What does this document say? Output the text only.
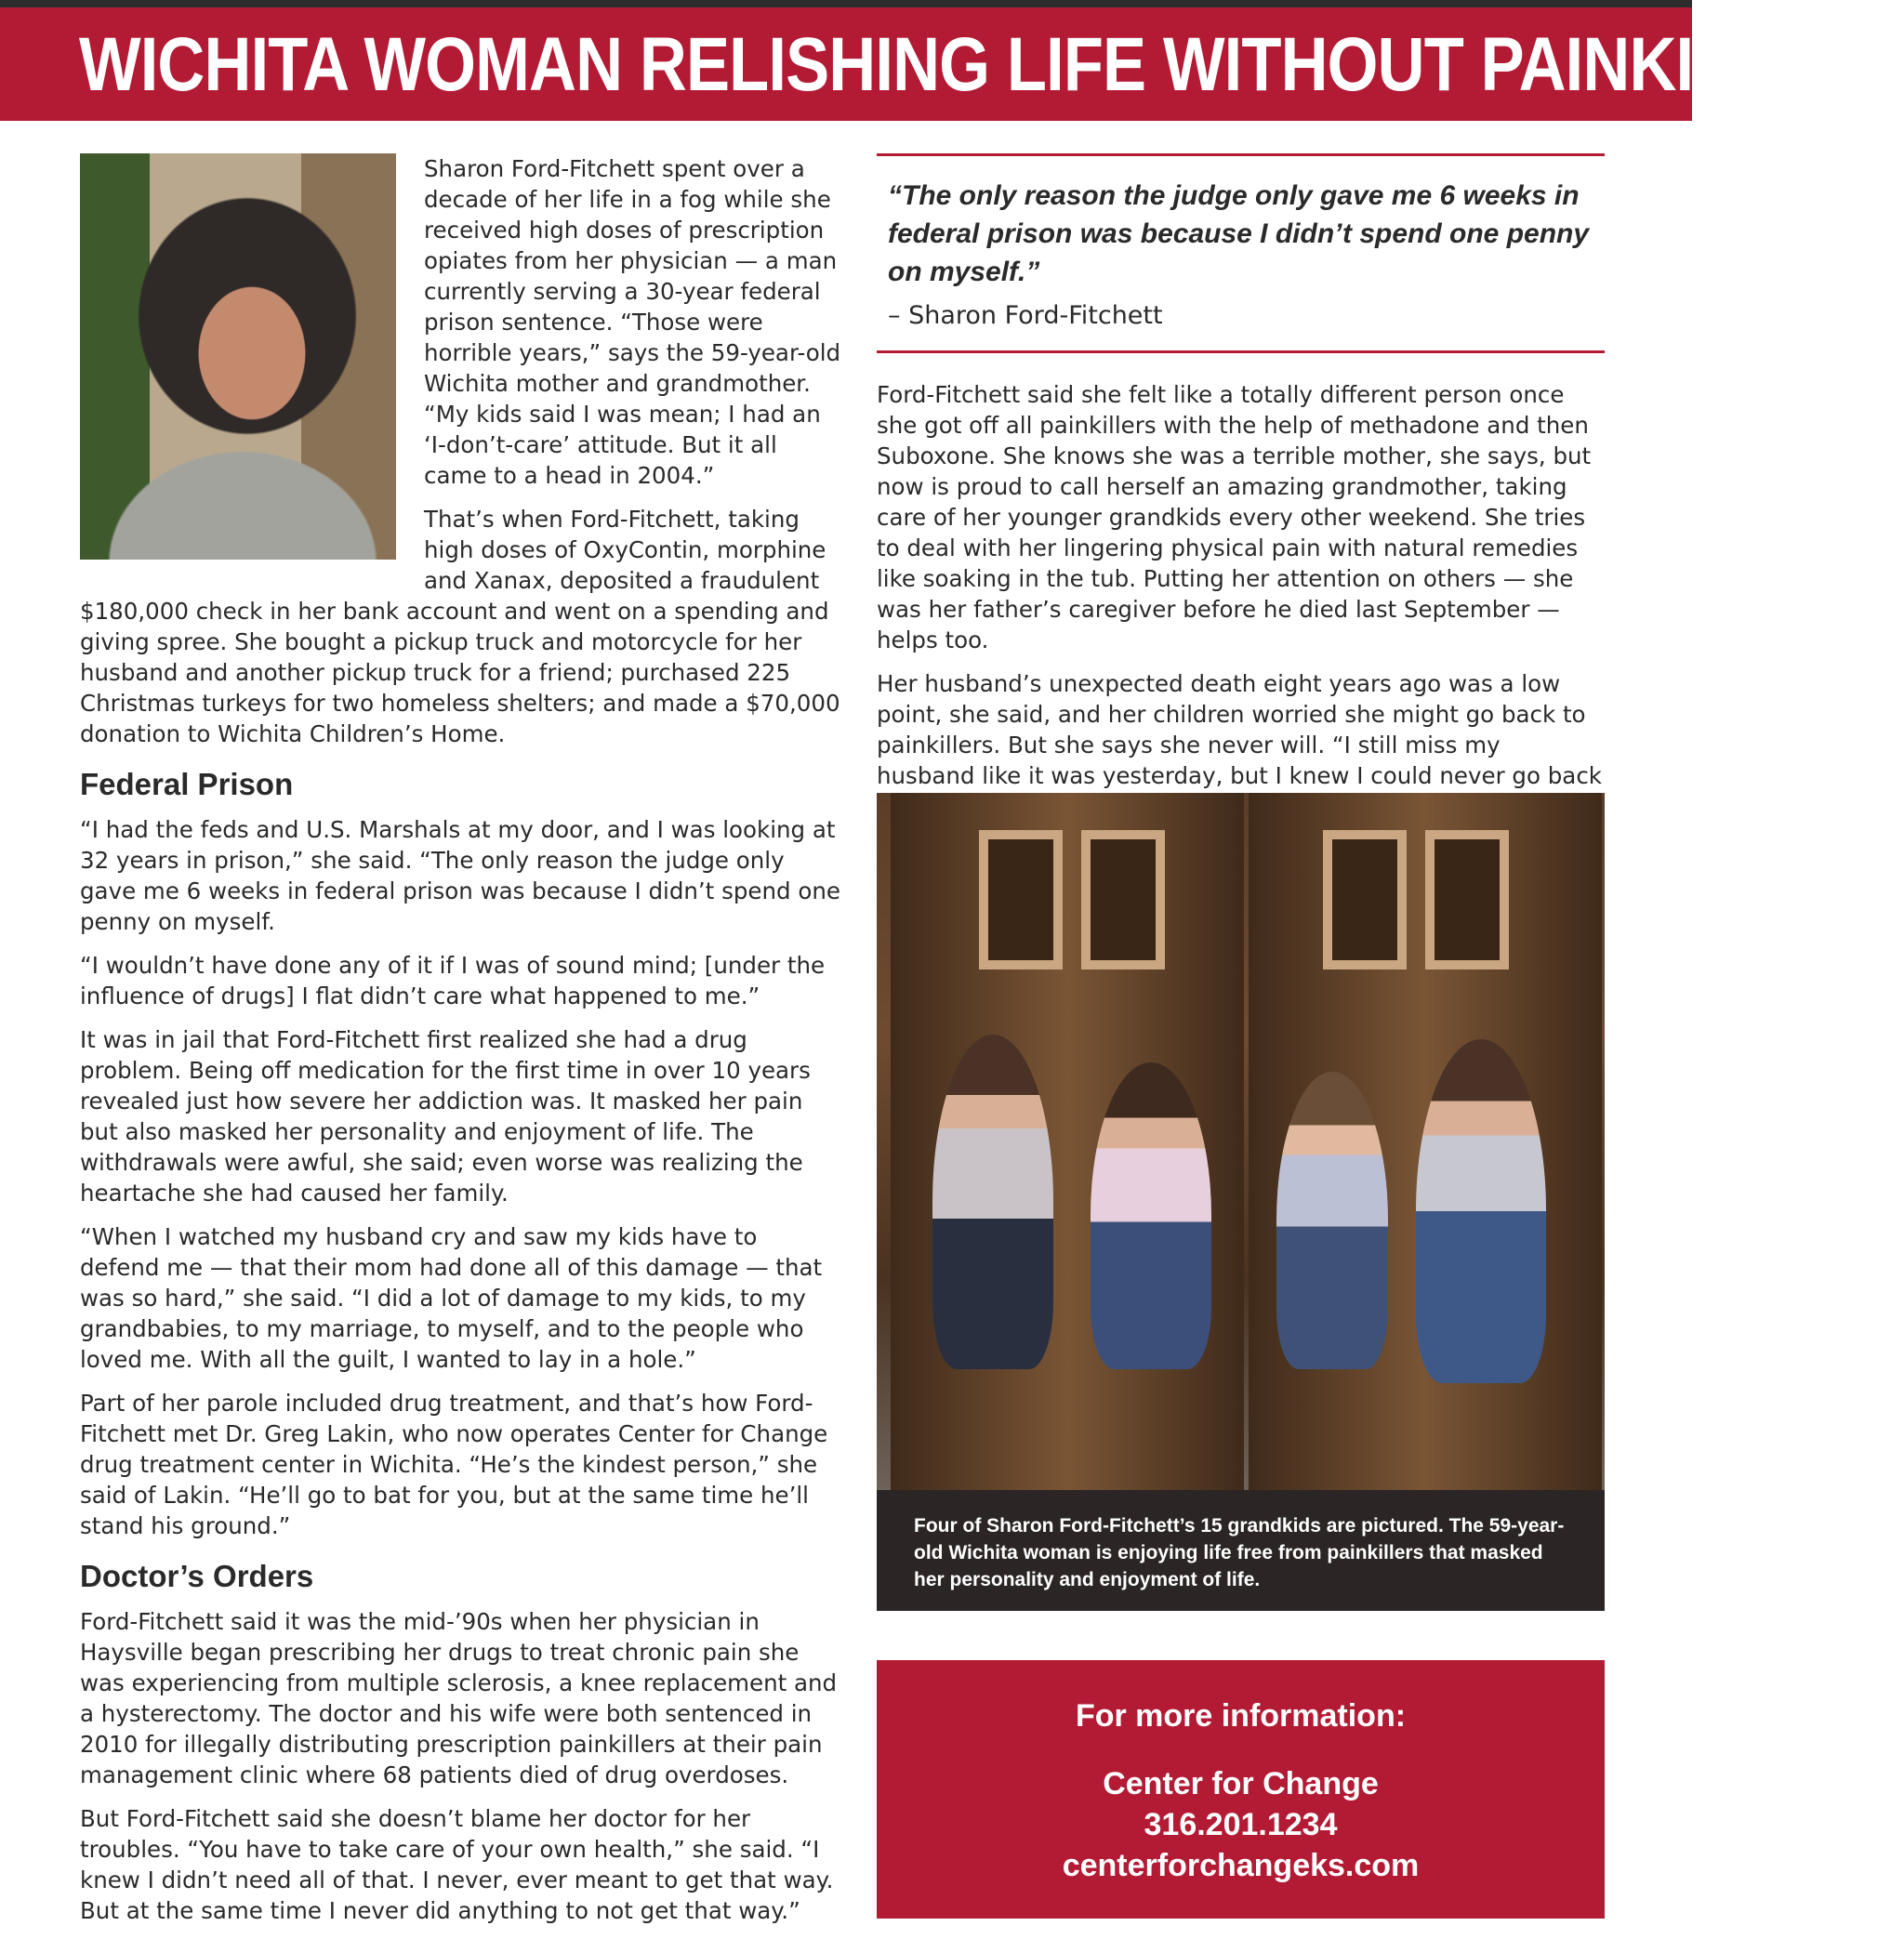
WICHITA WOMAN RELISHING LIFE WITHOUT PAINKILLERS

Sharon Ford-Fitchett spent over a decade of her life in a fog while she received high doses of prescription opiates from her physician — a man currently serving a 30-year federal prison sentence. “Those were horrible years,” says the 59-year-old Wichita mother and grandmother. “My kids said I was mean; I had an ‘I-don’t-care’ attitude. But it all came to a head in 2004.”

That’s when Ford-Fitchett, taking high doses of OxyContin, morphine and Xanax, deposited a fraudulent $180,000 check in her bank account and went on a spending and giving spree. She bought a pickup truck and motorcycle for her husband and another pickup truck for a friend; purchased 225 Christmas turkeys for two homeless shelters; and made a $70,000 donation to Wichita Children’s Home.

Federal Prison

“I had the feds and U.S. Marshals at my door, and I was looking at 32 years in prison,” she said. “The only reason the judge only gave me 6 weeks in federal prison was because I didn’t spend one penny on myself.

“I wouldn’t have done any of it if I was of sound mind; [under the influence of drugs] I flat didn’t care what happened to me.”

It was in jail that Ford-Fitchett first realized she had a drug problem. Being off medication for the first time in over 10 years revealed just how severe her addiction was. It masked her pain but also masked her personality and enjoyment of life. The withdrawals were awful, she said; even worse was realizing the heartache she had caused her family.

“When I watched my husband cry and saw my kids have to defend me — that their mom had done all of this damage — that was so hard,” she said. “I did a lot of damage to my kids, to my grandbabies, to my marriage, to myself, and to the people who loved me. With all the guilt, I wanted to lay in a hole.”

Part of her parole included drug treatment, and that’s how Ford-Fitchett met Dr. Greg Lakin, who now operates Center for Change drug treatment center in Wichita. “He’s the kindest person,” she said of Lakin. “He’ll go to bat for you, but at the same time he’ll stand his ground.”

Doctor’s Orders

Ford-Fitchett said it was the mid-’90s when her physician in Haysville began prescribing her drugs to treat chronic pain she was experiencing from multiple sclerosis, a knee replacement and a hysterectomy. The doctor and his wife were both sentenced in 2010 for illegally distributing prescription painkillers at their pain management clinic where 68 patients died of drug overdoses.

But Ford-Fitchett said she doesn’t blame her doctor for her troubles. “You have to take care of your own health,” she said. “I knew I didn’t need all of that. I never, ever meant to get that way. But at the same time I never did anything to not get that way.”

“The only reason the judge only gave me 6 weeks in federal prison was because I didn’t spend one penny on myself.”

– Sharon Ford-Fitchett

Ford-Fitchett said she felt like a totally different person once she got off all painkillers with the help of methadone and then Suboxone. She knows she was a terrible mother, she says, but now is proud to call herself an amazing grandmother, taking care of her younger grandkids every other weekend. She tries to deal with her lingering physical pain with natural remedies like soaking in the tub. Putting her attention on others — she was her father’s caregiver before he died last September — helps too.

Her husband’s unexpected death eight years ago was a low point, she said, and her children worried she might go back to painkillers. But she says she never will. “I still miss my husband like it was yesterday, but I knew I could never go back

Four of Sharon Ford-Fitchett’s 15 grandkids are pictured. The 59-year-old Wichita woman is enjoying life free from painkillers that masked her personality and enjoyment of life.
For more information:
Center for Change
316.201.1234
centerforchangeks.com
